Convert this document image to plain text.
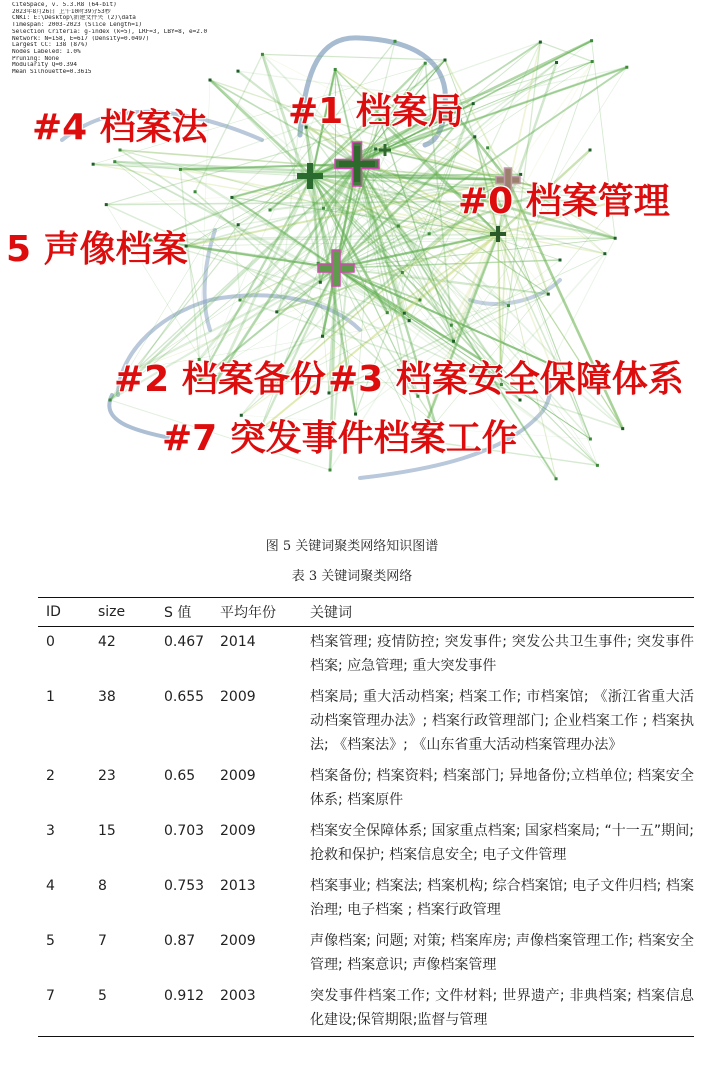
CiteSpace, v. 5.3.R8 (64-bit)
2023年8月26日 上午10时39分53秒
CNKI: E:\Desktop\新建文件夹 (2)\data
Timespan: 2003-2023 (Slice Length=1)
Selection Criteria: g-index (k=5), LRF=3, LBY=8, e=2.0
Network: N=158, E=617 (Density=0.0497)
Largest CC: 138 (87%)
Nodes Labeled: 1.0%
Pruning: None
Modularity Q=0.394
Mean Silhouette=0.3615
#4 档案法 #1 档案局
#0 档案管理
5 声像档案
#2 档案备份 #3 档案安全保障体系
#7 突发事件档案工作
图 5 关键词聚类网络知识图谱
表 3 关键词聚类网络
ID	size	S 值	平均年份	关键词
0	42	0.467	2014	档案管理; 疫情防控; 突发事件; 突发公共卫生事件; 突发事件档案; 应急管理; 重大突发事件
1	38	0.655	2009	档案局; 重大活动档案; 档案工作; 市档案馆; 《浙江省重大活动档案管理办法》; 档案行政管理部门; 企业档案工作 ; 档案执法; 《档案法》; 《山东省重大活动档案管理办法》
2	23	0.65	2009	档案备份; 档案资料; 档案部门; 异地备份;立档单位; 档案安全体系; 档案原件
3	15	0.703	2009	档案安全保障体系; 国家重点档案; 国家档案局; “十一五”期间; 抢救和保护; 档案信息安全; 电子文件管理
4	8	0.753	2013	档案事业; 档案法; 档案机构; 综合档案馆; 电子文件归档; 档案治理; 电子档案 ; 档案行政管理
5	7	0.87	2009	声像档案; 问题; 对策; 档案库房; 声像档案管理工作; 档案安全管理; 档案意识; 声像档案管理
7	5	0.912	2003	突发事件档案工作; 文件材料; 世界遗产; 非典档案; 档案信息化建设;保管期限;监督与管理
